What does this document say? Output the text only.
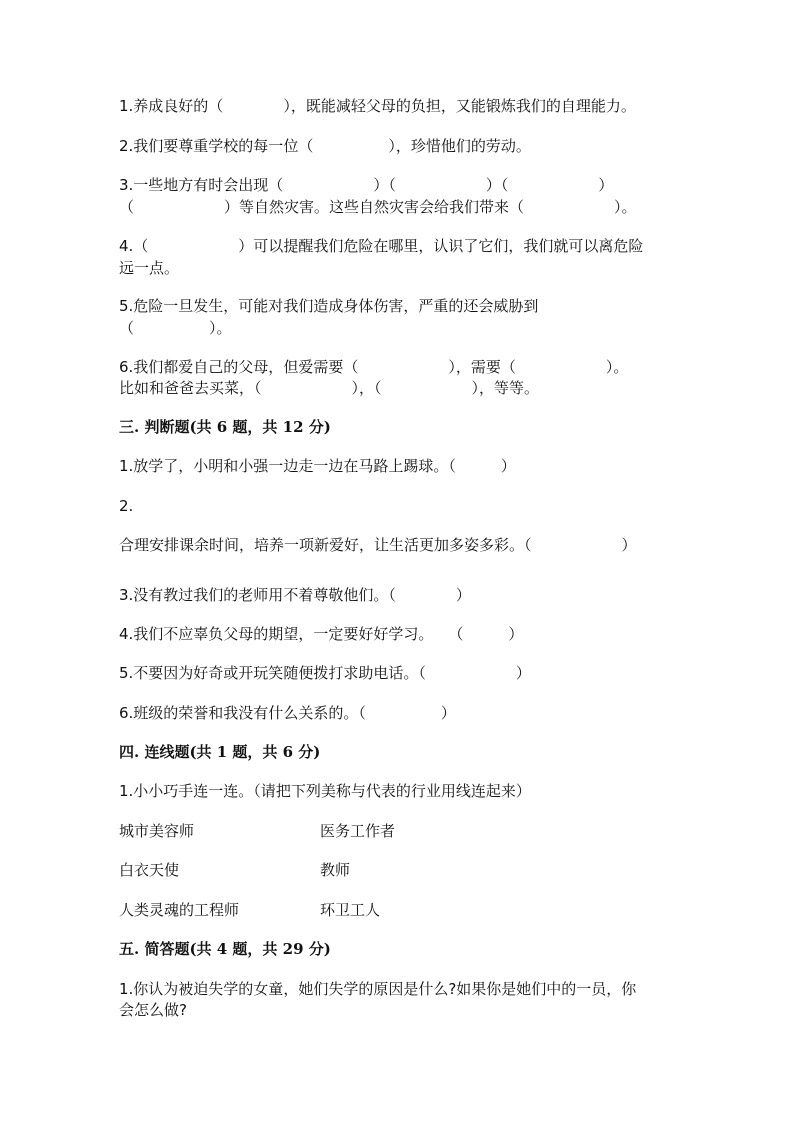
1.养成良好的（　　　　），既能减轻父母的负担，又能锻炼我们的自理能力。
2.我们要尊重学校的每一位（　　　　　），珍惜他们的劳动。
3.一些地方有时会出现（　　　　　　）（　　　　　　）（　　　　　　）
（　　　　　　）等自然灾害。这些自然灾害会给我们带来（　　　　　　）。
4.（　　　　　　）可以提醒我们危险在哪里，认识了它们，我们就可以离危险
远一点。
5.危险一旦发生，可能对我们造成身体伤害，严重的还会威胁到
（　　　　　）。
6.我们都爱自己的父母，但爱需要（　　　　　　），需要（　　　　　　）。
比如和爸爸去买菜，（　　　　　　），（　　　　　　），等等。
三. 判断题(共 6 题，共 12 分)
1.放学了，小明和小强一边走一边在马路上踢球。（　　　）
2.
合理安排课余时间，培养一项新爱好，让生活更加多姿多彩。（　　　　　　）
3.没有教过我们的老师用不着尊敬他们。（　　　　）
4.我们不应辜负父母的期望，一定要好好学习。　　（　　　）
5.不要因为好奇或开玩笑随便拨打求助电话。（　　　　　　）
6.班级的荣誉和我没有什么关系的。（　　　　　）
四. 连线题(共 1 题，共 6 分)
1.小小巧手连一连。（请把下列美称与代表的行业用线连起来）
城市美容师	医务工作者
白衣天使	教师
人类灵魂的工程师	环卫工人
五. 简答题(共 4 题，共 29 分)
1.你认为被迫失学的女童，她们失学的原因是什么?如果你是她们中的一员，你
会怎么做?
